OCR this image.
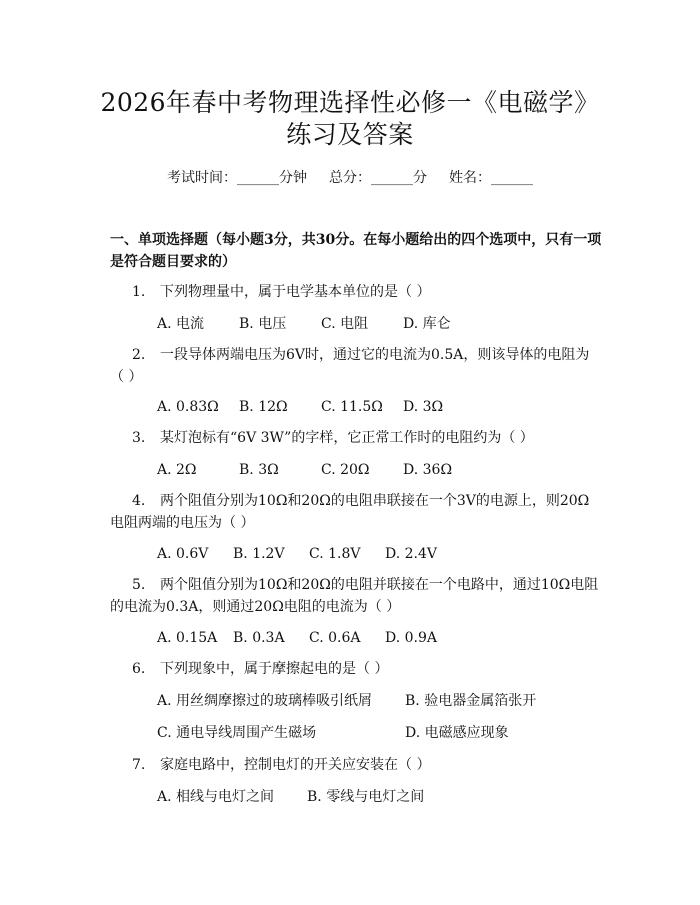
2026年春中考物理选择性必修一《电磁学》
练习及答案
考试时间：______分钟 总分：______分 姓名：______
一、单项选择题（每小题3分，共30分。在每小题给出的四个选项中，只有一项
是符合题目要求的）
1. 下列物理量中，属于电学基本单位的是（ ）
A. 电流 B. 电压 C. 电阻 D. 库仑
2. 一段导体两端电压为6V时，通过它的电流为0.5A，则该导体的电阻为
（ ）
A. 0.83Ω B. 12Ω C. 11.5Ω D. 3Ω
3. 某灯泡标有“6V 3W”的字样，它正常工作时的电阻约为（ ）
A. 2Ω	B. 3Ω	C. 20Ω D. 36Ω
4. 两个阻值分别为10Ω和20Ω的电阻串联接在一个3V的电源上，则20Ω
电阻两端的电压为（ ）
A. 0.6V B. 1.2V C. 1.8V D. 2.4V
5. 两个阻值分别为10Ω和20Ω的电阻并联接在一个电路中，通过10Ω电阻
的电流为0.3A，则通过20Ω电阻的电流为（ ）
A. 0.15A B. 0.3A C. 0.6A D. 0.9A
6. 下列现象中，属于摩擦起电的是（ ）
A. 用丝绸摩擦过的玻璃棒吸引纸屑 B. 验电器金属箔张开
C. 通电导线周围产生磁场	D. 电磁感应现象
7. 家庭电路中，控制电灯的开关应安装在（ ）
A. 相线与电灯之间 B. 零线与电灯之间
